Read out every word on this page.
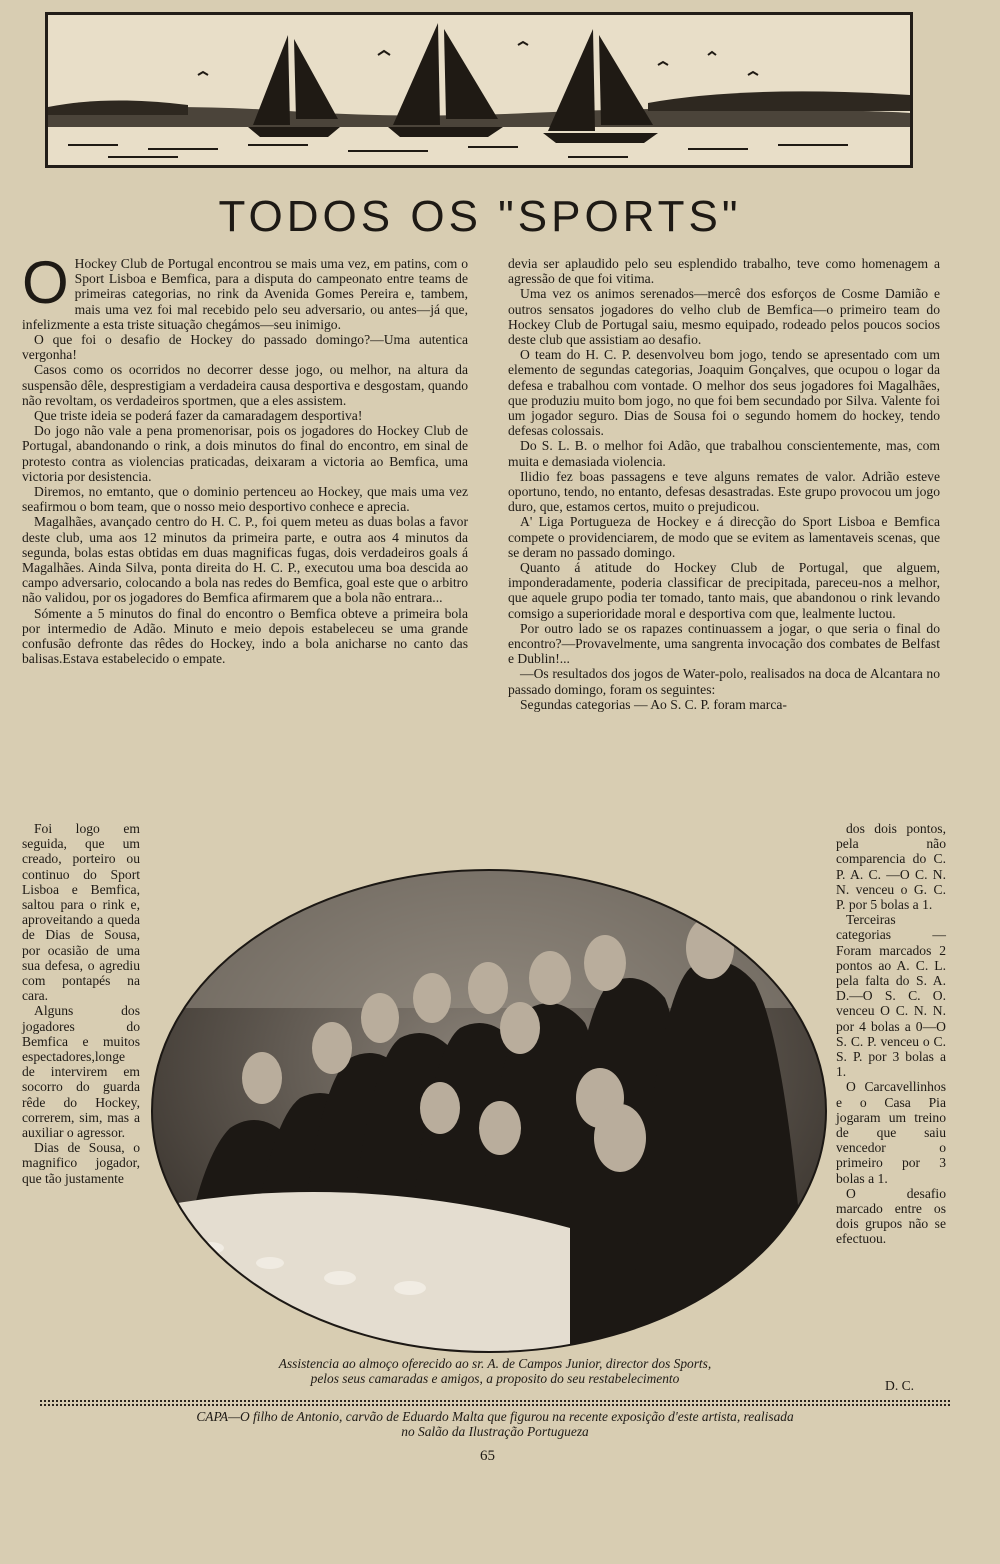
TODOS OS "SPORTS"
O Hockey Club de Portugal encontrou se mais uma vez, em patins, com o Sport Lisboa e Bemfica, para a disputa do campeonato entre teams de primeiras categorias, no rink da Avenida Gomes Pereira e, tambem, mais uma vez foi mal recebido pelo seu adversario, ou antes—já que, infelizmente a esta triste situação chegámos—seu inimigo.

O que foi o desafio de Hockey do passado domingo?—Uma autentica vergonha!

Casos como os ocorridos no decorrer desse jogo, ou melhor, na altura da suspensão dêle, desprestigiam a verdadeira causa desportiva e desgostam, quando não revoltam, os verdadeiros sportmen, que a eles assistem.

Que triste ideia se poderá fazer da camaradagem desportiva!

Do jogo não vale a pena promenorisar, pois os jogadores do Hockey Club de Portugal, abandonando o rink, a dois minutos do final do encontro, em sinal de protesto contra as violencias praticadas, deixaram a victoria ao Bemfica, uma victoria por desistencia.

Diremos, no emtanto, que o dominio pertenceu ao Hockey, que mais uma vez seafirmou o bom team, que o nosso meio desportivo conhece e aprecia.

Magalhães, avançado centro do H. C. P., foi quem meteu as duas bolas a favor deste club, uma aos 12 minutos da primeira parte, e outra aos 4 minutos da segunda, bolas estas obtidas em duas magnificas fugas, dois verdadeiros goals á Magalhães. Ainda Silva, ponta direita do H. C. P., executou uma boa descida ao campo adversario, colocando a bola nas redes do Bemfica, goal este que o arbitro não validou, por os jogadores do Bemfica afirmarem que a bola não entrara...

Sómente a 5 minutos do final do encontro o Bemfica obteve a primeira bola por intermedio de Adão. Minuto e meio depois estabeleceu se uma grande confusão defronte das rêdes do Hockey, indo a bola anicharse no canto das balisas.Estava estabelecido o empate.

Foi logo em seguida, que um creado, porteiro ou continuo do Sport Lisboa e Bemfica, saltou para o rink e, aproveitando a queda de Dias de Sousa, por ocasião de uma sua defesa, o agrediu com pontapés na cara.

Alguns dos jogadores do Bemfica e muitos espectadores,longe de intervirem em socorro do guarda rêde do Hockey, correrem, sim, mas a auxiliar o agressor.

Dias de Sousa, o magnifico jogador, que tão justamente

devia ser aplaudido pelo seu esplendido trabalho, teve como homenagem a agressão de que foi vitima.

Uma vez os animos serenados—mercê dos esforços de Cosme Damião e outros sensatos jogadores do velho club de Bemfica—o primeiro team do Hockey Club de Portugal saiu, mesmo equipado, rodeado pelos poucos socios deste club que assistiam ao desafio.

O team do H. C. P. desenvolveu bom jogo, tendo se apresentado com um elemento de segundas categorias, Joaquim Gonçalves, que ocupou o logar da defesa e trabalhou com vontade. O melhor dos seus jogadores foi Magalhães, que produziu muito bom jogo, no que foi bem secundado por Silva. Valente foi um jogador seguro. Dias de Sousa foi o segundo homem do hockey, tendo defesas colossais.

Do S. L. B. o melhor foi Adão, que trabalhou conscientemente, mas, com muita e demasiada violencia.

Ilidio fez boas passagens e teve alguns remates de valor. Adrião esteve oportuno, tendo, no entanto, defesas desastradas. Este grupo provocou um jogo duro, que, estamos certos, muito o prejudicou.

A' Liga Portugueza de Hockey e á direcção do Sport Lisboa e Bemfica compete o providenciarem, de modo que se evitem as lamentaveis scenas, que se deram no passado domingo.

Quanto á atitude do Hockey Club de Portugal, que alguem, imponderadamente, poderia classificar de precipitada, pareceu-nos a melhor, que aquele grupo podia ter tomado, tanto mais, que abandonou o rink levando comsigo a superioridade moral e desportiva com que, lealmente luctou.

Por outro lado se os rapazes continuassem a jogar, o que seria o final do encontro?—Provavelmente, uma sangrenta invocação dos combates de Belfast e Dublin!...

—Os resultados dos jogos de Water-polo, realisados na doca de Alcantara no passado domingo, foram os seguintes:

Segundas categorias — Ao S. C. P. foram marca-

dos dois pontos, pela não comparencia do C. P. A. C. —O C. N. N. venceu o G. C. P. por 5 bolas a 1.

Terceiras categorias — Foram marcados 2 pontos ao A. C. L. pela falta do S. A. D.—O S. C. O. venceu O C. N. N. por 4 bolas a 0—O S. C. P. venceu o C. S. P. por 3 bolas a 1.

O Carcavellinhos e o Casa Pia jogaram um treino de que saiu vencedor o primeiro por 3 bolas a 1.

O desafio marcado entre os dois grupos não se efectuou.

Assistencia ao almoço oferecido ao sr. A. de Campos Junior, director dos Sports,
pelos seus camaradas e amigos, a proposito do seu restabelecimento	D. C.
CAPA—O filho de Antonio, carvão de Eduardo Malta que figurou na recente exposição d'este artista, realisada
no Salão da Ilustração Portugueza
65
